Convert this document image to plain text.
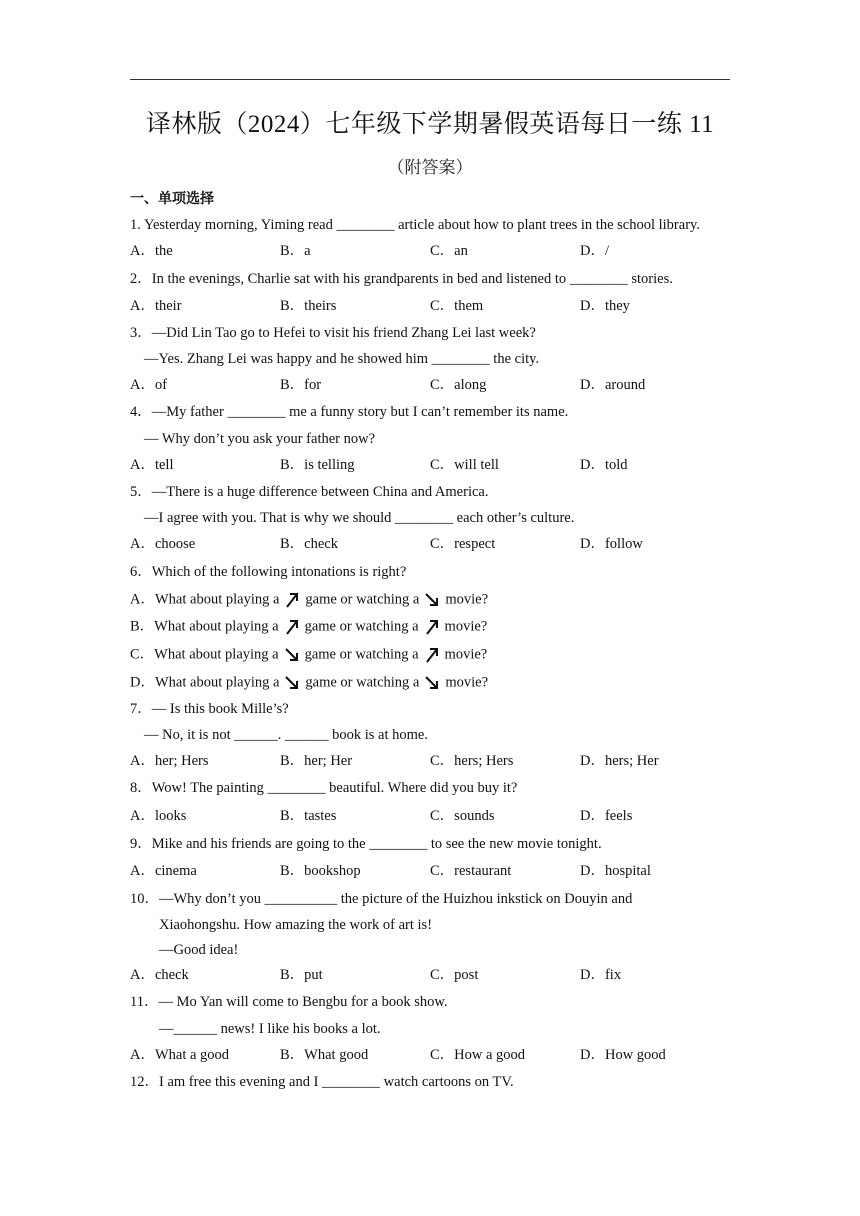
译林版（2024）七年级下学期暑假英语每日一练 11
（附答案）
一、单项选择
1. Yesterday morning, Yiming read ________ article about how to plant trees in the school library.
A．the	B．a	C．an	D．/
2．In the evenings, Charlie sat with his grandparents in bed and listened to ________ stories.
A．their	B．theirs	C．them	D．they
3．—Did Lin Tao go to Hefei to visit his friend Zhang Lei last week?
—Yes. Zhang Lei was happy and he showed him ________ the city.
A．of	B．for	C．along	D．around
4．—My father ________ me a funny story but I can’t remember its name.
— Why don’t you ask your father now?
A．tell	B．is telling	C．will tell	D．told
5．—There is a huge difference between China and America.
—I agree with you. That is why we should ________ each other’s culture.
A．choose	B．check	C．respect	D．follow
6．Which of the following intonations is right?
A．What about playing a game or watching a movie?
B．What about playing a game or watching a movie?
C．What about playing a game or watching a movie?
D．What about playing a game or watching a movie?
7．— Is this book Mille’s?
— No, it is not ______. ______ book is at home.
A．her; Hers	B．her; Her	C．hers; Hers	D．hers; Her
8．Wow! The painting ________ beautiful. Where did you buy it?
A．looks	B．tastes	C．sounds	D．feels
9．Mike and his friends are going to the ________ to see the new movie tonight.
A．cinema	B．bookshop	C．restaurant	D．hospital
10．—Why don’t you __________ the picture of the Huizhou inkstick on Douyin and
Xiaohongshu. How amazing the work of art is!
—Good idea!
A．check	B．put	C．post	D．fix
11．— Mo Yan will come to Bengbu for a book show.
—______ news! I like his books a lot.
A．What a good	B．What good	C．How a good	D．How good
12．I am free this evening and I ________ watch cartoons on TV.
